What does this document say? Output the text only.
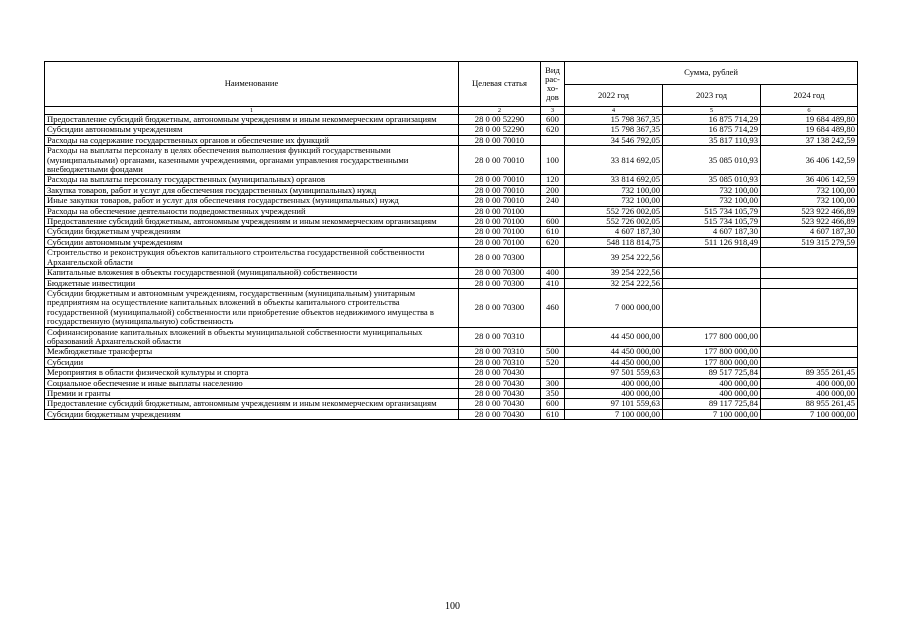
Наименование	Целевая статья	Вид рас-хо-дов	Сумма, рублей		
			2022 год	2023 год	2024 год
1	2	3	4	5	6
Предоставление субсидий бюджетным, автономным учреждениям и иным некоммерческим организациям	28 0 00 52290	600	15 798 367,35	16 875 714,29	19 684 489,80
Субсидии автономным учреждениям	28 0 00 52290	620	15 798 367,35	16 875 714,29	19 684 489,80
Расходы на содержание государственных органов и обеспечение их функций	28 0 00 70010		34 546 792,05	35 817 110,93	37 138 242,59
Расходы на выплаты персоналу в целях обеспечения выполнения функций государственными (муниципальными) органами, казенными учреждениями, органами управления государственными внебюджетными фондами	28 0 00 70010	100	33 814 692,05	35 085 010,93	36 406 142,59
Расходы на выплаты персоналу государственных (муниципальных) органов	28 0 00 70010	120	33 814 692,05	35 085 010,93	36 406 142,59
Закупка товаров, работ и услуг для обеспечения государственных (муниципальных) нужд	28 0 00 70010	200	732 100,00	732 100,00	732 100,00
Иные закупки товаров, работ и услуг для обеспечения государственных (муниципальных) нужд	28 0 00 70010	240	732 100,00	732 100,00	732 100,00
Расходы на обеспечение деятельности подведомственных учреждений	28 0 00 70100		552 726 002,05	515 734 105,79	523 922 466,89
Предоставление субсидий бюджетным, автономным учреждениям и иным некоммерческим организациям	28 0 00 70100	600	552 726 002,05	515 734 105,79	523 922 466,89
Субсидии бюджетным учреждениям	28 0 00 70100	610	4 607 187,30	4 607 187,30	4 607 187,30
Субсидии автономным учреждениям	28 0 00 70100	620	548 118 814,75	511 126 918,49	519 315 279,59
Строительство и реконструкция объектов капитального строительства государственной собственности Архангельской области	28 0 00 70300		39 254 222,56		
Капитальные вложения в объекты государственной (муниципальной) собственности	28 0 00 70300	400	39 254 222,56		
Бюджетные инвестиции	28 0 00 70300	410	32 254 222,56		
Субсидии бюджетным и автономным учреждениям, государственным (муниципальным) унитарным предприятиям на осуществление капитальных вложений в объекты капитального строительства государственной (муниципальной) собственности или приобретение объектов недвижимого имущества в государственную (муниципальную) собственность	28 0 00 70300	460	7 000 000,00		
Софинансирование капитальных вложений в объекты муниципальной собственности муниципальных образований Архангельской области	28 0 00 70310		44 450 000,00	177 800 000,00	
Межбюджетные трансферты	28 0 00 70310	500	44 450 000,00	177 800 000,00	
Субсидии	28 0 00 70310	520	44 450 000,00	177 800 000,00	
Мероприятия в области физической культуры и спорта	28 0 00 70430		97 501 559,63	89 517 725,84	89 355 261,45
Социальное обеспечение и иные выплаты населению	28 0 00 70430	300	400 000,00	400 000,00	400 000,00
Премии и гранты	28 0 00 70430	350	400 000,00	400 000,00	400 000,00
Предоставление субсидий бюджетным, автономным учреждениям и иным некоммерческим организациям	28 0 00 70430	600	97 101 559,63	89 117 725,84	88 955 261,45
Субсидии бюджетным учреждениям	28 0 00 70430	610	7 100 000,00	7 100 000,00	7 100 000,00
100
